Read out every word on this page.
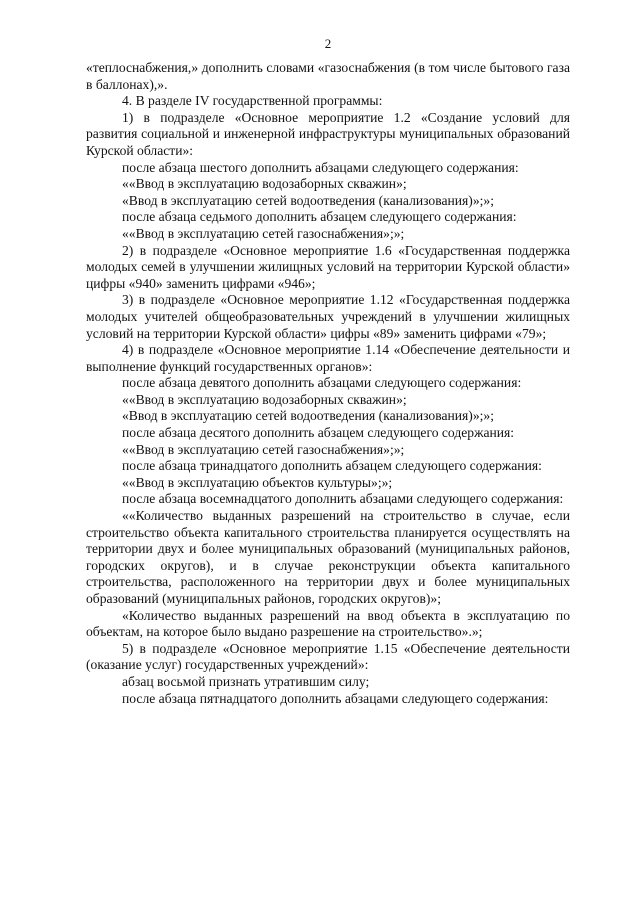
2

«теплоснабжения,» дополнить словами «газоснабжения (в том числе бытового газа в баллонах),».

4. В разделе IV государственной программы:

1) в подразделе «Основное мероприятие 1.2 «Создание условий для развития социальной и инженерной инфраструктуры муниципальных образований Курской области»:

после абзаца шестого дополнить абзацами следующего содержания:

««Ввод в эксплуатацию водозаборных скважин»;

«Ввод в эксплуатацию сетей водоотведения (канализования)»;»;

после абзаца седьмого дополнить абзацем следующего содержания:

««Ввод в эксплуатацию сетей газоснабжения»;»;

2) в подразделе «Основное мероприятие 1.6 «Государственная поддержка молодых семей в улучшении жилищных условий на территории Курской области» цифры «940» заменить цифрами «946»;

3) в подразделе «Основное мероприятие 1.12 «Государственная поддержка молодых учителей общеобразовательных учреждений в улучшении жилищных условий на территории Курской области» цифры «89» заменить цифрами «79»;

4) в подразделе «Основное мероприятие 1.14 «Обеспечение деятельности и выполнение функций государственных органов»:

после абзаца девятого дополнить абзацами следующего содержания:

««Ввод в эксплуатацию водозаборных скважин»;

«Ввод в эксплуатацию сетей водоотведения (канализования)»;»;

после абзаца десятого дополнить абзацем следующего содержания:

««Ввод в эксплуатацию сетей газоснабжения»;»;

после абзаца тринадцатого дополнить абзацем следующего содержания:

««Ввод в эксплуатацию объектов культуры»;»;

после абзаца восемнадцатого дополнить абзацами следующего содержания:

««Количество выданных разрешений на строительство в случае, если строительство объекта капитального строительства планируется осуществлять на территории двух и более муниципальных образований (муниципальных районов, городских округов), и в случае реконструкции объекта капитального строительства, расположенного на территории двух и более муниципальных образований (муниципальных районов, городских округов)»;

«Количество выданных разрешений на ввод объекта в эксплуатацию по объектам, на которое было выдано разрешение на строительство».»;

5) в подразделе «Основное мероприятие 1.15 «Обеспечение деятельности (оказание услуг) государственных учреждений»:

абзац восьмой признать утратившим силу;

после абзаца пятнадцатого дополнить абзацами следующего содержания:
